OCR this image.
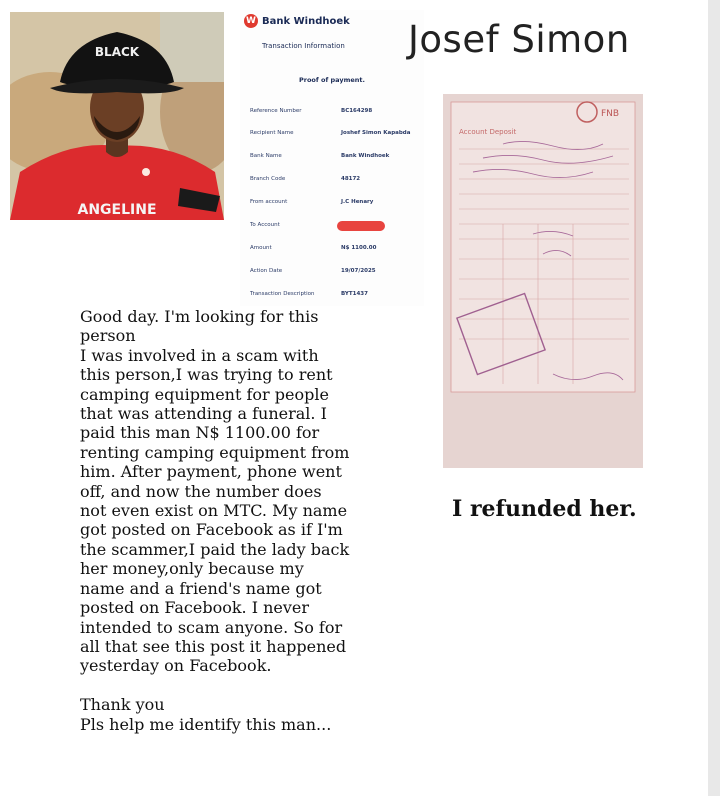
BLACK
ANGELINE
W Bank Windhoek
Transaction Information
Proof of payment.
Reference Number	BC164298
Recipient Name	Joshef Simon Kapabda
Bank Name	Bank Windhoek
Branch Code	48172
From account	J.C Henary
To Account
Amount	N$ 1100.00
Action Date	19/07/2025
Transaction Description	BYT1437
Josef Simon
FNB
Account Deposit
Good day. I'm looking for this person
I was involved in a scam with this person,I was trying to rent camping equipment for people that was attending a funeral. I paid this man N$ 1100.00 for renting camping equipment from him. After payment, phone went off, and now the number does not even exist on MTC. My name got posted on Facebook as if I'm the scammer,I paid the lady back her money,only because my name and a friend's name got posted on Facebook. I never intended to scam anyone. So for all that see this post it happened yesterday on Facebook.

Thank you
Pls help me identify this man...
I refunded her.
